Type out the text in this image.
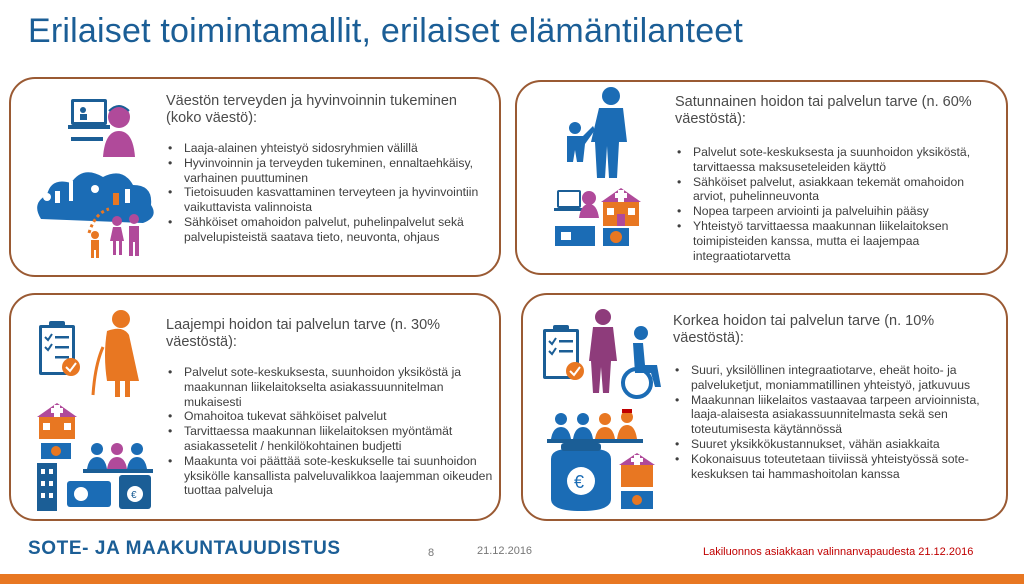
Erilaiset toimintamallit, erilaiset elämäntilanteet
Väestön terveyden ja hyvinvoinnin tukeminen (koko väestö):
• Laaja-alainen yhteistyö sidosryhmien välillä
• Hyvinvoinnin ja terveyden tukeminen, ennaltaehkäisy, varhainen puuttuminen
• Tietoisuuden kasvattaminen terveyteen ja hyvinvointiin vaikuttavista valinnoista
• Sähköiset omahoidon palvelut, puhelinpalvelut sekä palvelupisteistä saatava tieto, neuvonta, ohjaus
Satunnainen hoidon tai palvelun tarve (n. 60% väestöstä):
• Palvelut sote-keskuksesta ja suunhoidon yksiköstä, tarvittaessa maksuseteleiden käyttö
• Sähköiset palvelut, asiakkaan tekemät omahoidon arviot, puhelinneuvonta
• Nopea tarpeen arviointi ja palveluihin pääsy
• Yhteistyö tarvittaessa maakunnan liikelaitoksen toimipisteiden kanssa, mutta ei laajempaa integraatiotarvetta
€
Laajempi hoidon tai palvelun tarve (n. 30% väestöstä):
• Palvelut sote-keskuksesta, suunhoidon yksiköstä ja maakunnan liikelaitokselta asiakassuunnitelman mukaisesti
• Omahoitoa tukevat sähköiset palvelut
• Tarvittaessa maakunnan liikelaitoksen myöntämät asiakassetelit / henkilökohtainen budjetti
• Maakunta voi päättää sote-keskukselle tai suunhoidon yksikölle kansallista palveluvalikkoa laajemman oikeuden tuottaa palveluja	€
Korkea hoidon tai palvelun tarve (n. 10% väestöstä):
• Suuri, yksilöllinen integraatiotarve, eheät hoito- ja palveluketjut, moniammatillinen yhteistyö, jatkuvuus
• Maakunnan liikelaitos vastaavaa tarpeen arvioinnista, laaja-alaisesta asiakassuunnitelmasta sekä sen toteutumisesta käytännössä
• Suuret yksikkökustannukset, vähän asiakkaita
• Kokonaisuus toteutetaan tiiviissä yhteistyössä sote-keskuksen tai hammashoitolan kanssa
SOTE- JA MAAKUNTAUUDISTUS	8	21.12.2016	Lakiluonnos asiakkaan valinnanvapaudesta 21.12.2016
